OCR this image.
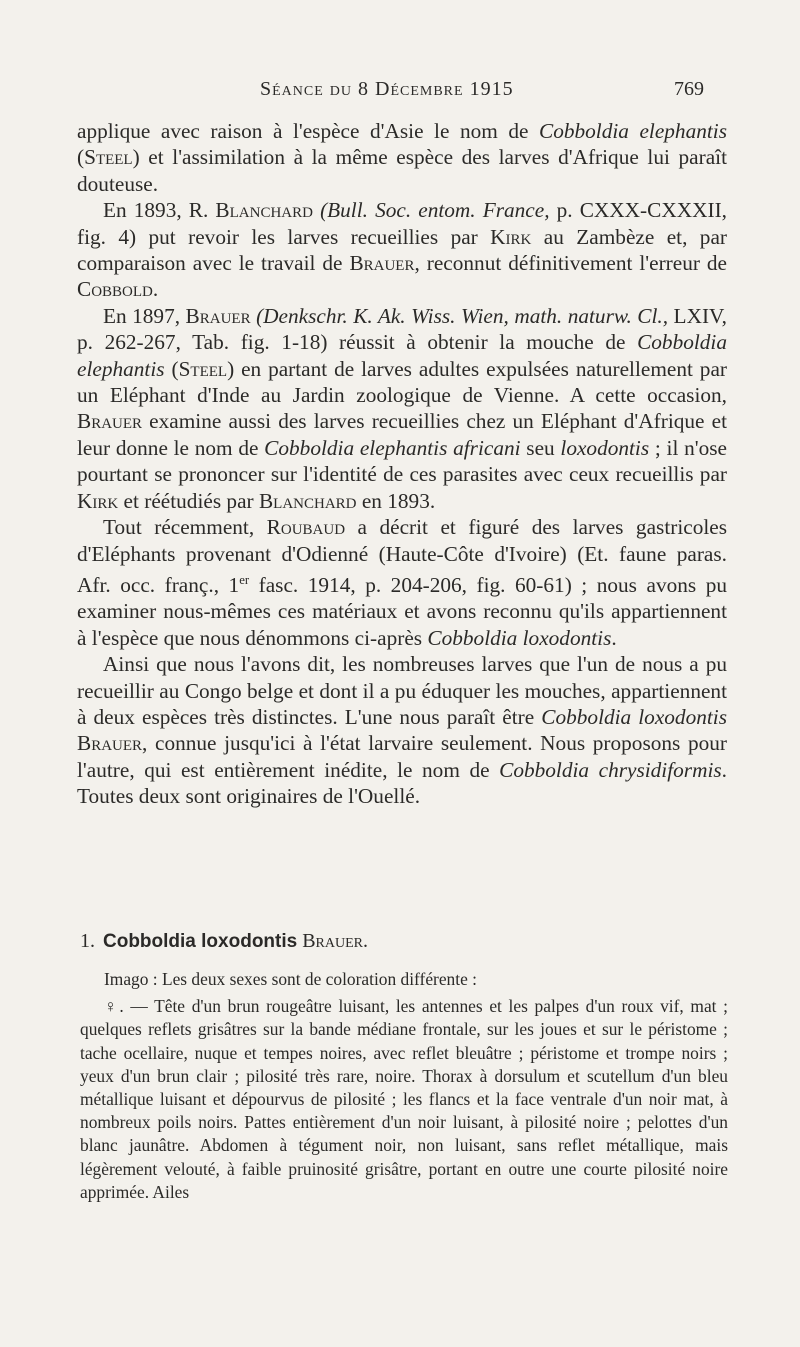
Séance du 8 Décembre 1915	769

applique avec raison à l'espèce d'Asie le nom de Cobboldia elephantis (Steel) et l'assimilation à la même espèce des larves d'Afrique lui paraît douteuse.

En 1893, R. Blanchard (Bull. Soc. entom. France, p. CXXX-CXXXII, fig. 4) put revoir les larves recueillies par Kirk au Zambèze et, par comparaison avec le travail de Brauer, reconnut définitivement l'erreur de Cobbold.

En 1897, Brauer (Denkschr. K. Ak. Wiss. Wien, math. naturw. Cl., LXIV, p. 262-267, Tab. fig. 1-18) réussit à obtenir la mouche de Cobboldia elephantis (Steel) en partant de larves adultes expulsées naturellement par un Eléphant d'Inde au Jardin zoologique de Vienne. A cette occasion, Brauer examine aussi des larves recueillies chez un Eléphant d'Afrique et leur donne le nom de Cobboldia elephantis africani seu loxodontis ; il n'ose pourtant se prononcer sur l'identité de ces parasites avec ceux recueillis par Kirk et réétudiés par Blanchard en 1893.

Tout récemment, Roubaud a décrit et figuré des larves gastricoles d'Eléphants provenant d'Odienné (Haute-Côte d'Ivoire) (Et. faune paras. Afr. occ. franç., 1er fasc. 1914, p. 204-206, fig. 60-61) ; nous avons pu examiner nous-mêmes ces matériaux et avons reconnu qu'ils appartiennent à l'espèce que nous dénommons ci-après Cobboldia loxodontis.

Ainsi que nous l'avons dit, les nombreuses larves que l'un de nous a pu recueillir au Congo belge et dont il a pu éduquer les mouches, appartiennent à deux espèces très distinctes. L'une nous paraît être Cobboldia loxodontis Brauer, connue jusqu'ici à l'état larvaire seulement. Nous proposons pour l'autre, qui est entièrement inédite, le nom de Cobboldia chrysidiformis. Toutes deux sont originaires de l'Ouellé.

1. Cobboldia loxodontis Brauer.

Imago : Les deux sexes sont de coloration différente :

♀. — Tête d'un brun rougeâtre luisant, les antennes et les palpes d'un roux vif, mat ; quelques reflets grisâtres sur la bande médiane frontale, sur les joues et sur le péristome ; tache ocellaire, nuque et tempes noires, avec reflet bleuâtre ; péristome et trompe noirs ; yeux d'un brun clair ; pilosité très rare, noire. Thorax à dorsulum et scutellum d'un bleu métallique luisant et dépourvus de pilosité ; les flancs et la face ventrale d'un noir mat, à nombreux poils noirs. Pattes entièrement d'un noir luisant, à pilosité noire ; pelottes d'un blanc jaunâtre. Abdomen à tégument noir, non luisant, sans reflet métallique, mais légèrement velouté, à faible pruinosité grisâtre, portant en outre une courte pilosité noire apprimée. Ailes
